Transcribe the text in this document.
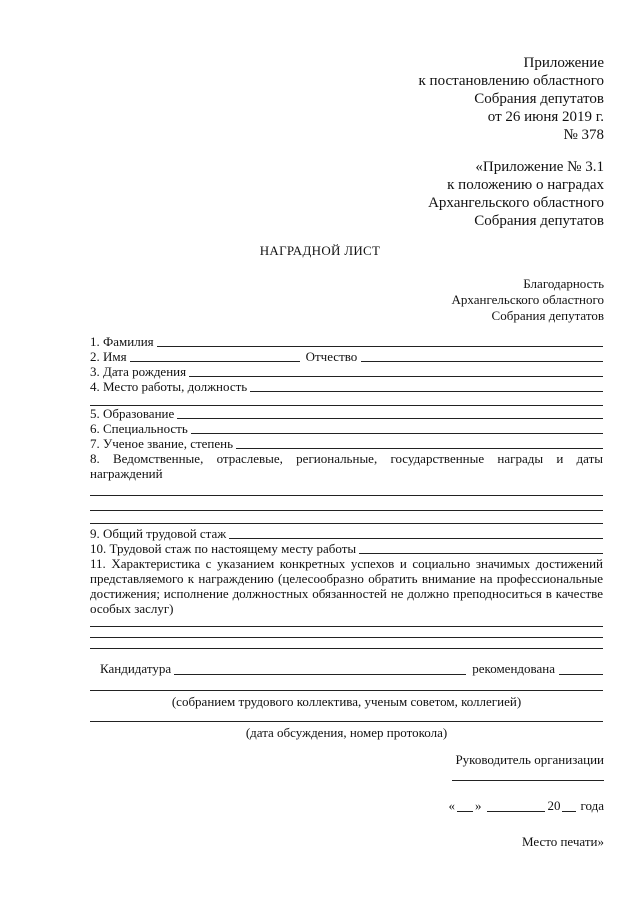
Приложение
к постановлению областного
Собрания депутатов
от 26 июня 2019 г.
№ 378
«Приложение № 3.1
к положению о наградах
Архангельского областного
Собрания депутатов
НАГРАДНОЙ ЛИСТ
Благодарность
Архангельского областного
Собрания депутатов
1. Фамилия
2. Имя	Отчество
3. Дата рождения
4. Место работы, должность
5. Образование
6. Специальность
7. Ученое звание, степень
8. Ведомственные, отраслевые, региональные, государственные награды и даты награждений
9. Общий трудовой стаж
10. Трудовой стаж по настоящему месту работы
11. Характеристика с указанием конкретных успехов и социально значимых достижений представляемого к награждению (целесообразно обратить внимание на профессиональные достижения; исполнение должностных обязанностей не должно преподноситься в качестве особых заслуг)
Кандидатура	рекомендована
(собранием трудового коллектива, ученым советом, коллегией)
(дата обсуждения, номер протокола)
Руководитель организации
« »	20 года
Место печати»
